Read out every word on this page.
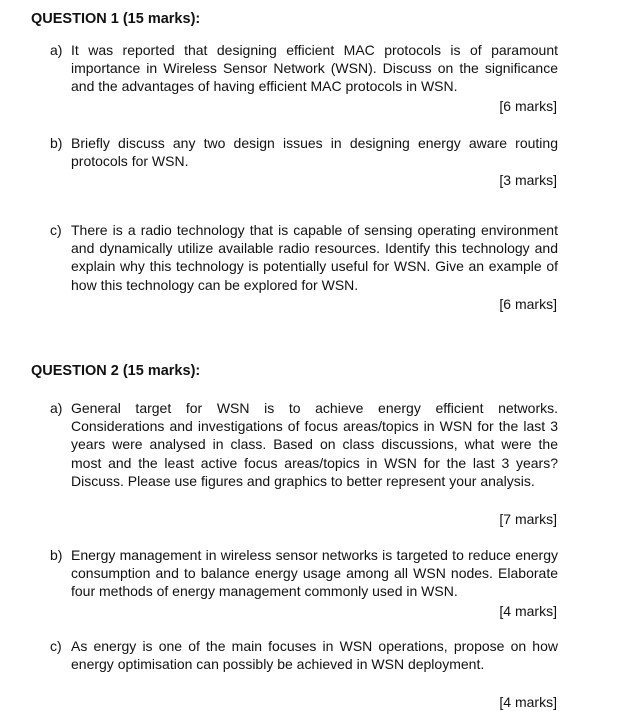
QUESTION 1 (15 marks):
a) It was reported that designing efficient MAC protocols is of paramount importance in Wireless Sensor Network (WSN). Discuss on the significance and the advantages of having efficient MAC protocols in WSN.
[6 marks]
b) Briefly discuss any two design issues in designing energy aware routing protocols for WSN.
[3 marks]
c) There is a radio technology that is capable of sensing operating environment and dynamically utilize available radio resources. Identify this technology and explain why this technology is potentially useful for WSN. Give an example of how this technology can be explored for WSN.
[6 marks]
QUESTION 2 (15 marks):
a) General target for WSN is to achieve energy efficient networks. Considerations and investigations of focus areas/topics in WSN for the last 3 years were analysed in class. Based on class discussions, what were the most and the least active focus areas/topics in WSN for the last 3 years? Discuss. Please use figures and graphics to better represent your analysis.
[7 marks]
b) Energy management in wireless sensor networks is targeted to reduce energy consumption and to balance energy usage among all WSN nodes. Elaborate four methods of energy management commonly used in WSN.
[4 marks]
c) As energy is one of the main focuses in WSN operations, propose on how energy optimisation can possibly be achieved in WSN deployment.
[4 marks]
